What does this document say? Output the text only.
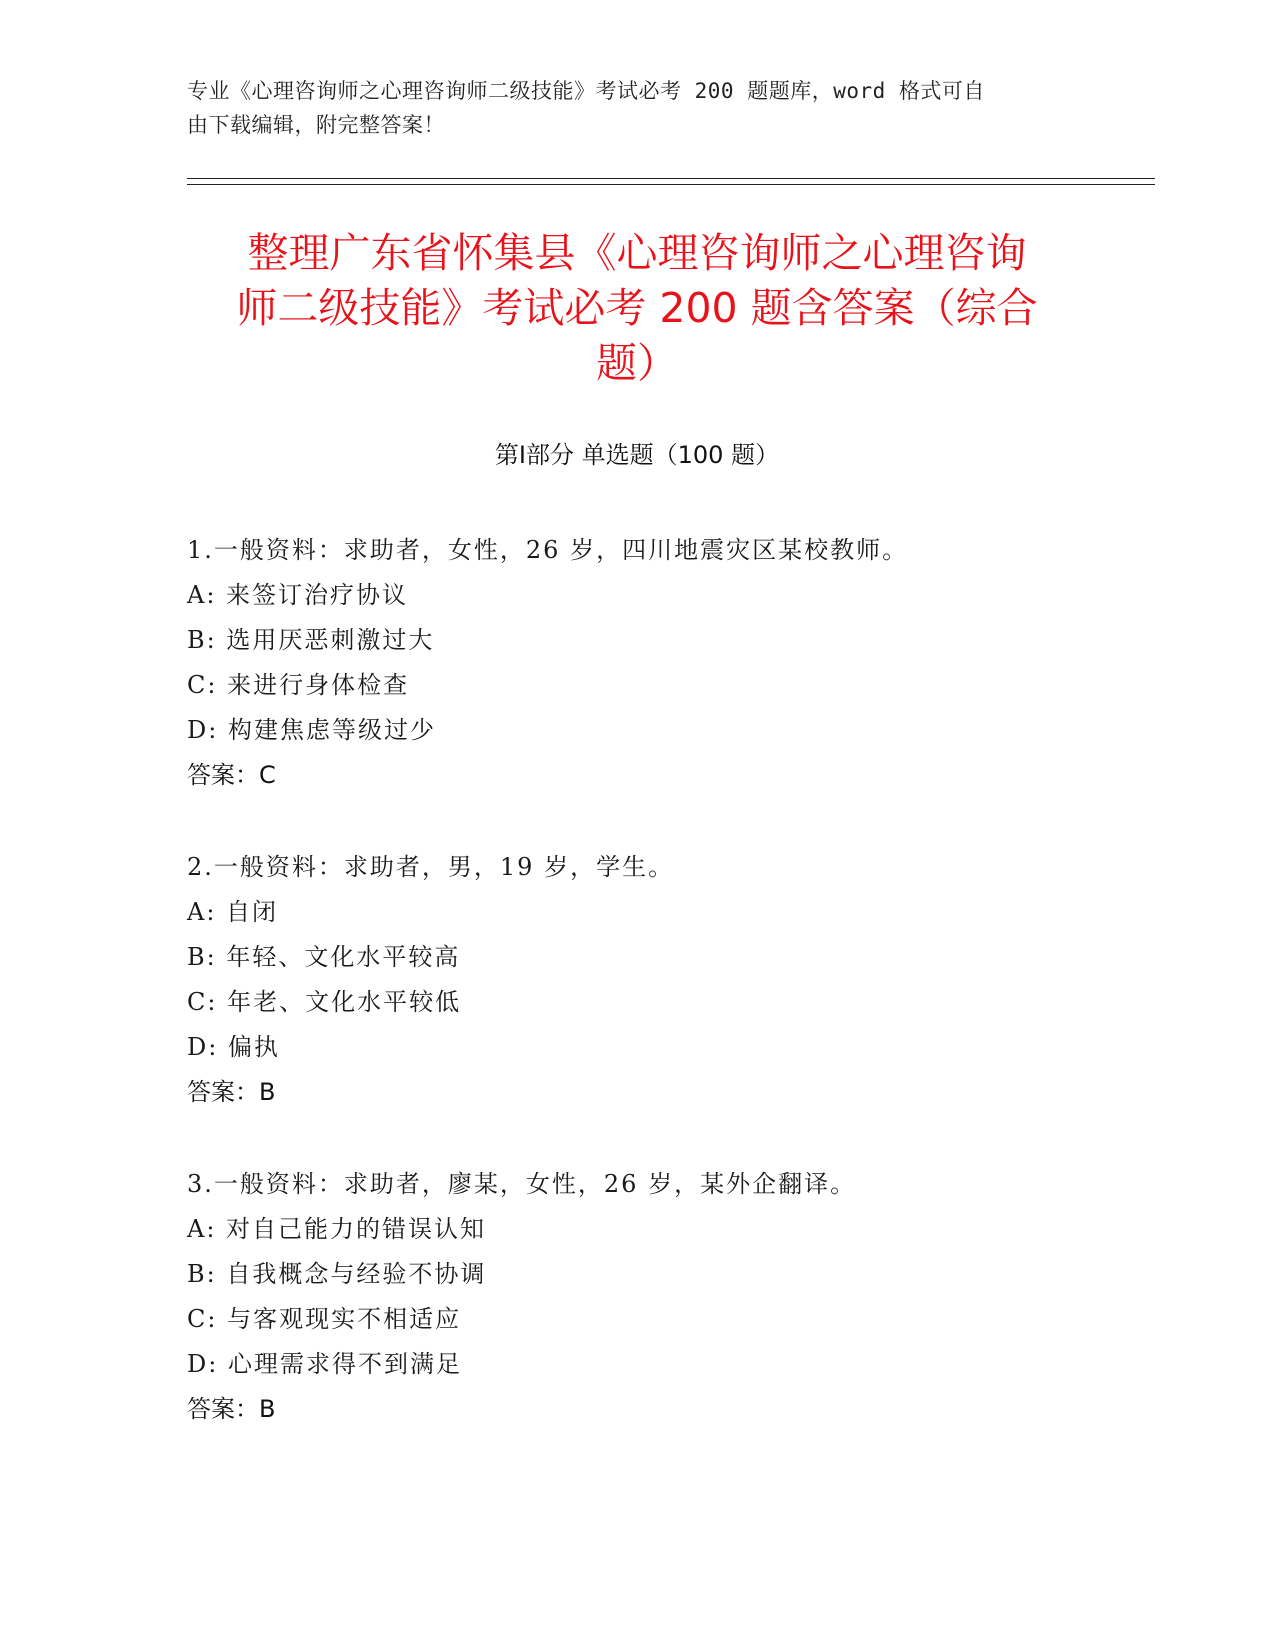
专业《心理咨询师之心理咨询师二级技能》考试必考 200 题题库，word 格式可自
由下载编辑，附完整答案！
整理广东省怀集县《心理咨询师之心理咨询
师二级技能》考试必考 200 题含答案（综合
题）
第Ⅰ部分 单选题（100 题）
1.一般资料：求助者，女性，26 岁，四川地震灾区某校教师。
A: 来签订治疗协议
B: 选用厌恶刺激过大
C: 来进行身体检查
D: 构建焦虑等级过少
答案：C
2.一般资料：求助者，男，19 岁，学生。
A: 自闭
B: 年轻、文化水平较高
C: 年老、文化水平较低
D: 偏执
答案：B
3.一般资料：求助者，廖某，女性，26 岁，某外企翻译。
A: 对自己能力的错误认知
B: 自我概念与经验不协调
C: 与客观现实不相适应
D: 心理需求得不到满足
答案：B
